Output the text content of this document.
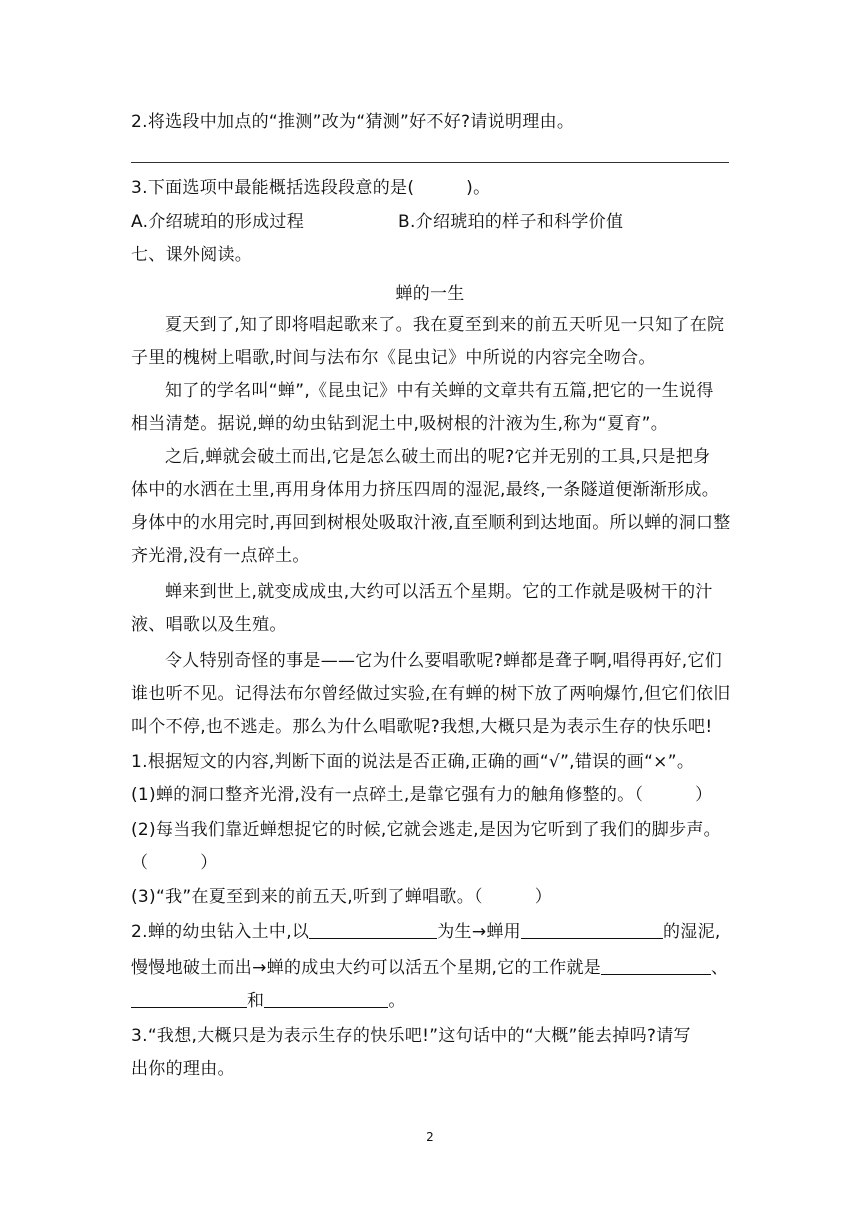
2.将选段中加点的“推测”改为“猜测”好不好?请说明理由。
3.下面选项中最能概括选段段意的是(　　　)。
A.介绍琥珀的形成过程	B.介绍琥珀的样子和科学价值
七、课外阅读。
蝉的一生
夏天到了,知了即将唱起歌来了。我在夏至到来的前五天听见一只知了在院
子里的槐树上唱歌,时间与法布尔《昆虫记》中所说的内容完全吻合。
知了的学名叫“蝉”,《昆虫记》中有关蝉的文章共有五篇,把它的一生说得
相当清楚。据说,蝉的幼虫钻到泥土中,吸树根的汁液为生,称为“夏育”。
之后,蝉就会破土而出,它是怎么破土而出的呢?它并无别的工具,只是把身
体中的水洒在土里,再用身体用力挤压四周的湿泥,最终,一条隧道便渐渐形成。
身体中的水用完时,再回到树根处吸取汁液,直至顺利到达地面。所以蝉的洞口整
齐光滑,没有一点碎土。
蝉来到世上,就变成成虫,大约可以活五个星期。它的工作就是吸树干的汁
液、唱歌以及生殖。
令人特别奇怪的事是——它为什么要唱歌呢?蝉都是聋子啊,唱得再好,它们
谁也听不见。记得法布尔曾经做过实验,在有蝉的树下放了两响爆竹,但它们依旧
叫个不停,也不逃走。那么为什么唱歌呢?我想,大概只是为表示生存的快乐吧!
1.根据短文的内容,判断下面的说法是否正确,正确的画“√”,错误的画“×”。
(1)蝉的洞口整齐光滑,没有一点碎土,是靠它强有力的触角修整的。（　　　）
(2)每当我们靠近蝉想捉它的时候,它就会逃走,是因为它听到了我们的脚步声。
（　　　）
(3)“我”在夏至到来的前五天,听到了蝉唱歌。（　　　）
2.蝉的幼虫钻入土中,以	为生→蝉用	的湿泥,
慢慢地破土而出→蝉的成虫大约可以活五个星期,它的工作就是	、
和	。
3.“我想,大概只是为表示生存的快乐吧!”这句话中的“大概”能去掉吗?请写
出你的理由。
2
